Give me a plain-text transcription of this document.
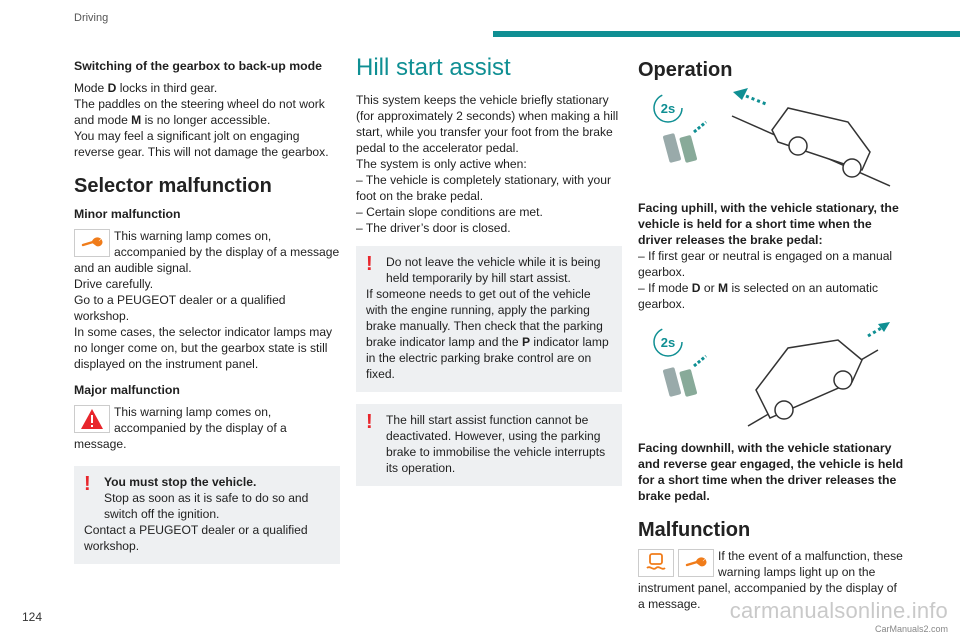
Driving
Switching of the gearbox to back-up mode
Mode D locks in third gear.
The paddles on the steering wheel do not work and mode M is no longer accessible.
You may feel a significant jolt on engaging reverse gear. This will not damage the gearbox.
Selector malfunction
Minor malfunction
This warning lamp comes on, accompanied by the display of a message and an audible signal.
Drive carefully.
Go to a PEUGEOT dealer or a qualified workshop.
In some cases, the selector indicator lamps may no longer come on, but the gearbox state is still displayed on the instrument panel.
Major malfunction
This warning lamp comes on, accompanied by the display of a message.
!	You must stop the vehicle.
Stop as soon as it is safe to do so and switch off the ignition.
Contact a PEUGEOT dealer or a qualified workshop.
Hill start assist
This system keeps the vehicle briefly stationary (for approximately 2 seconds) when making a hill start, while you transfer your foot from the brake pedal to the accelerator pedal.
The system is only active when:
– The vehicle is completely stationary, with your foot on the brake pedal.
– Certain slope conditions are met.
– The driver’s door is closed.
!	Do not leave the vehicle while it is being held temporarily by hill start assist.
If someone needs to get out of the vehicle with the engine running, apply the parking brake manually. Then check that the parking brake indicator lamp and the P indicator lamp in the electric parking brake control are on fixed.
!	The hill start assist function cannot be deactivated. However, using the parking brake to immobilise the vehicle interrupts its operation.
Operation
2s
Facing uphill, with the vehicle stationary, the vehicle is held for a short time when the driver releases the brake pedal:
– If first gear or neutral is engaged on a manual gearbox.
– If mode D or M is selected on an automatic gearbox.
2s
Facing downhill, with the vehicle stationary and reverse gear engaged, the vehicle is held for a short time when the driver releases the brake pedal.
Malfunction
If the event of a malfunction, these warning lamps light up on the instrument panel, accompanied by the display of a message.
124	carmanualsonline.info
CarManuals2.com
